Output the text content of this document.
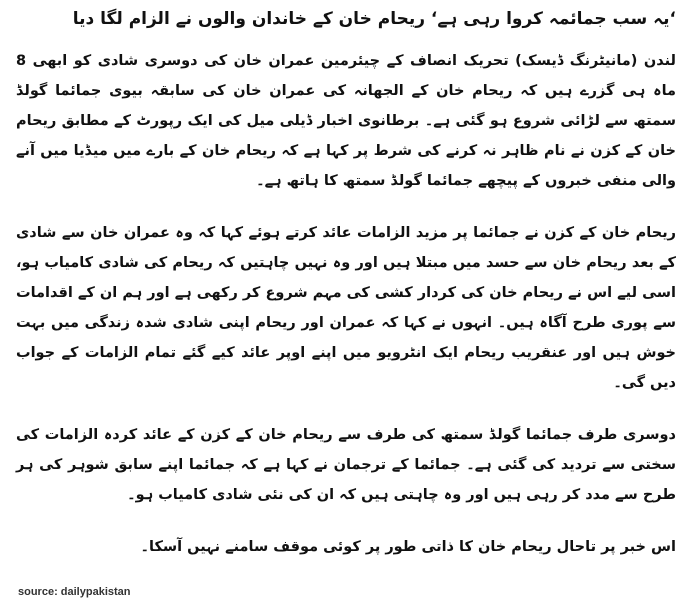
‘یہ سب جمائمہ کروا رہی ہے‘ ریحام خان کے خاندان والوں نے الزام لگا دیا

لندن (مانیٹرنگ ڈیسک) تحریک انصاف کے چیئرمین عمران خان کی دوسری شادی کو ابھی 8 ماہ ہی گزرے ہیں کہ ریحام خان کے الجھانہ کی عمران خان کی سابقہ بیوی جمائما گولڈ سمتھ سے لڑائی شروع ہو گئی ہے۔ برطانوی اخبار ڈیلی میل کی ایک رپورٹ کے مطابق ریحام خان کے کزن نے نام ظاہر نہ کرنے کی شرط پر کہا ہے کہ ریحام خان کے بارے میں میڈیا میں آنے والی منفی خبروں کے پیچھے جمائما گولڈ سمتھ کا ہاتھ ہے۔

ریحام خان کے کزن نے جمائما پر مزید الزامات عائد کرتے ہوئے کہا کہ وہ عمران خان سے شادی کے بعد ریحام خان سے حسد میں مبتلا ہیں اور وہ نہیں چاہتیں کہ ریحام کی شادی کامیاب ہو، اسی لیے اس نے ریحام خان کی کردار کشی کی مہم شروع کر رکھی ہے اور ہم ان کے اقدامات سے پوری طرح آگاہ ہیں۔ انہوں نے کہا کہ عمران اور ریحام اپنی شادی شدہ زندگی میں بہت خوش ہیں اور عنقریب ریحام ایک انٹرویو میں اپنے اوپر عائد کیے گئے تمام الزامات کے جواب دیں گی۔

دوسری طرف جمائما گولڈ سمتھ کی طرف سے ریحام خان کے کزن کے عائد کردہ الزامات کی سختی سے تردید کی گئی ہے۔ جمائما کے ترجمان نے کہا ہے کہ جمائما اپنے سابق شوہر کی ہر طرح سے مدد کر رہی ہیں اور وہ چاہتی ہیں کہ ان کی نئی شادی کامیاب ہو۔

اس خبر پر تاحال ریحام خان کا ذاتی طور پر کوئی موقف سامنے نہیں آسکا۔

source: dailypakistan
